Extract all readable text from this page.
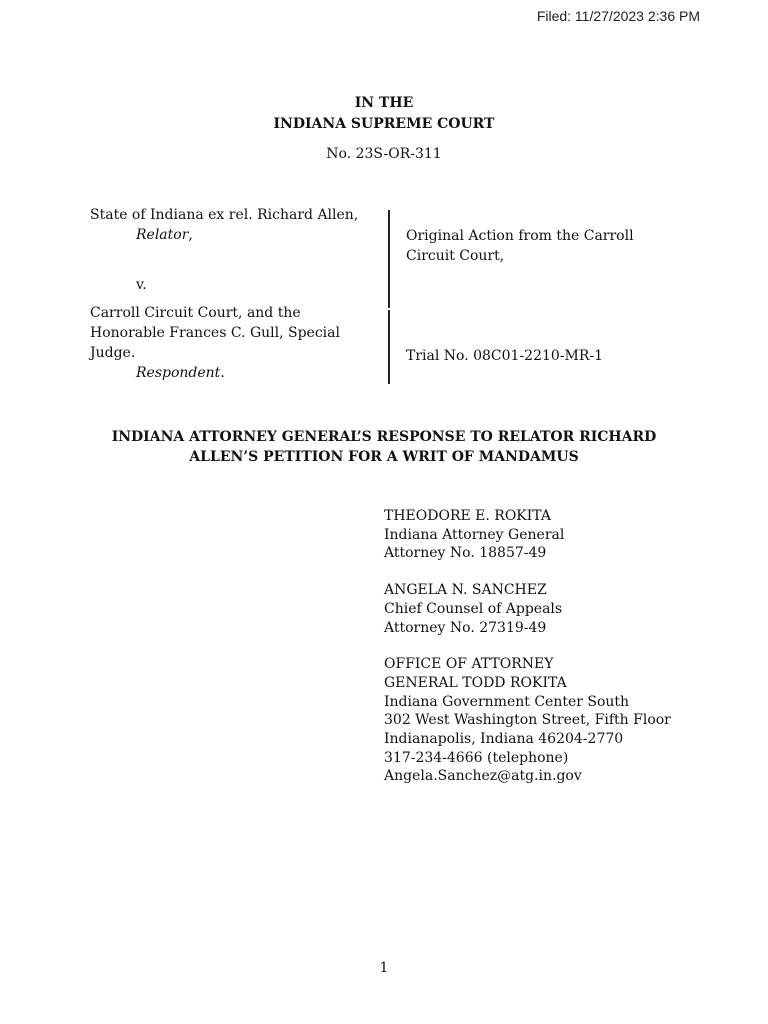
Filed: 11/27/2023 2:36 PM
IN THE
INDIANA SUPREME COURT
No. 23S-OR-311

State of Indiana ex rel. Richard Allen,

Relator,

v.

Carroll Circuit Court, and the

Honorable Frances C. Gull, Special

Judge.

Respondent.

Original Action from the Carroll
Circuit Court,
Trial No. 08C01-2210-MR-1
INDIANA ATTORNEY GENERAL’S RESPONSE TO RELATOR RICHARD
ALLEN’S PETITION FOR A WRIT OF MANDAMUS
THEODORE E. ROKITA
Indiana Attorney General
Attorney No. 18857-49
ANGELA N. SANCHEZ
Chief Counsel of Appeals
Attorney No. 27319-49
OFFICE OF ATTORNEY
GENERAL TODD ROKITA
Indiana Government Center South
302 West Washington Street, Fifth Floor
Indianapolis, Indiana 46204-2770
317-234-4666 (telephone)
Angela.Sanchez@atg.in.gov
1
